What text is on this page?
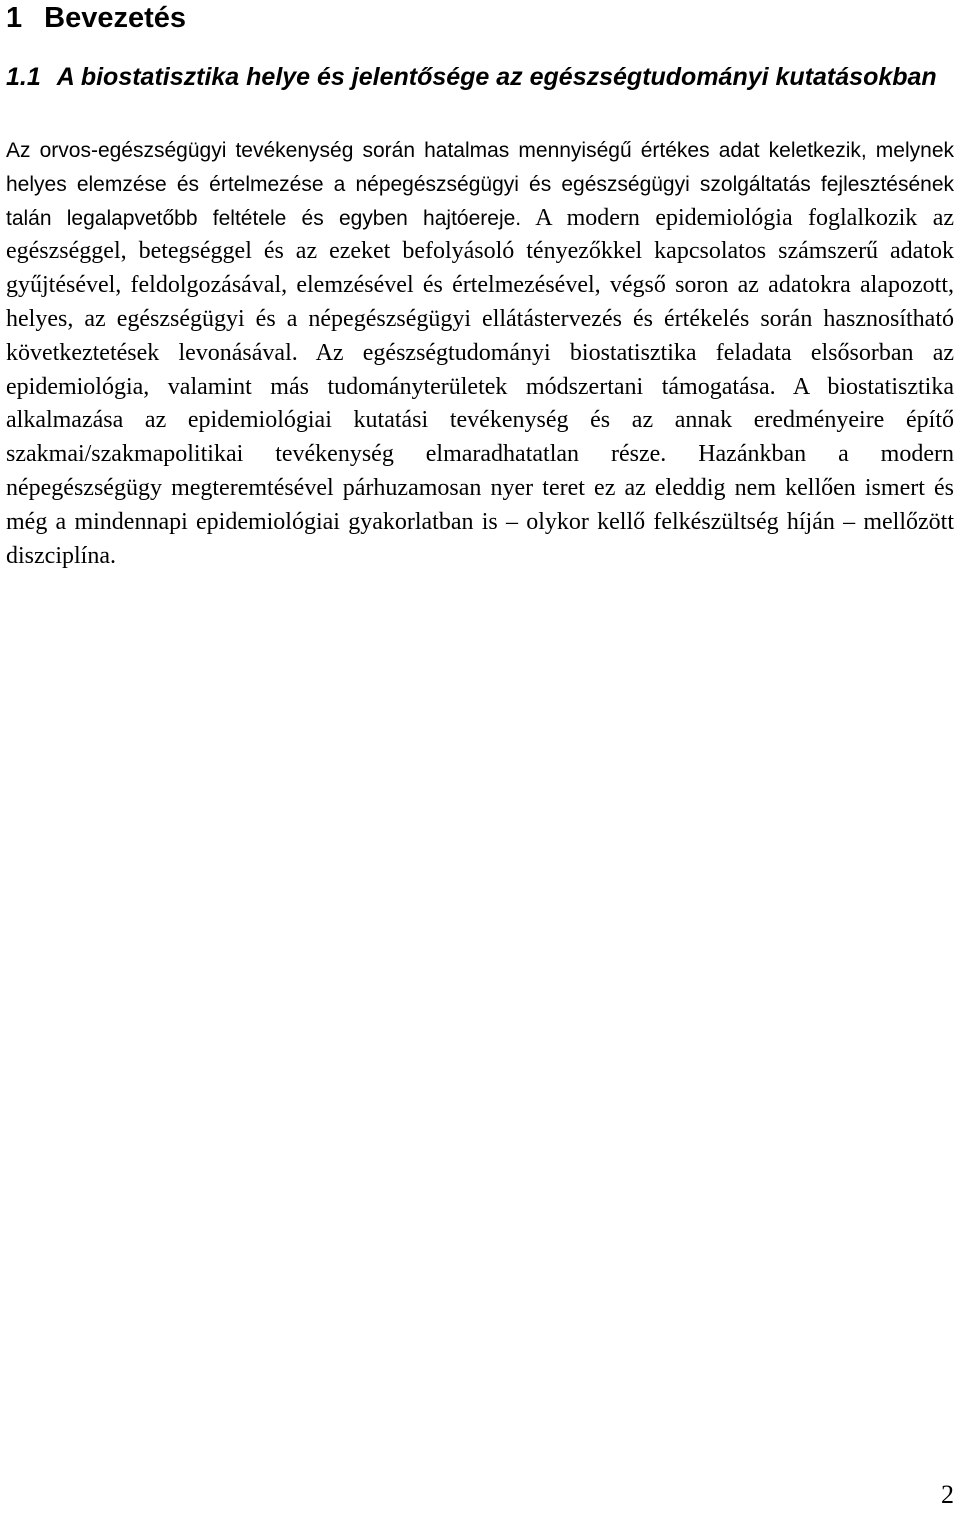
1 Bevezetés
1.1 A biostatisztika helye és jelentősége az egészségtudományi kutatásokban

Az orvos-egészségügyi tevékenység során hatalmas mennyiségű értékes adat keletkezik, melynek helyes elemzése és értelmezése a népegészségügyi és egészségügyi szolgáltatás fejlesztésének talán legalapvetőbb feltétele és egyben hajtóereje. A modern epidemiológia foglalkozik az egészséggel, betegséggel és az ezeket befolyásoló tényezőkkel kapcsolatos számszerű adatok gyűjtésével, feldolgozásával, elemzésével és értelmezésével, végső soron az adatokra alapozott, helyes, az egészségügyi és a népegészségügyi ellátástervezés és értékelés során hasznosítható következtetések levonásával. Az egészségtudományi biostatisztika feladata elsősorban az epidemiológia, valamint más tudományterületek módszertani támogatása. A biostatisztika alkalmazása az epidemiológiai kutatási tevékenység és az annak eredményeire építő szakmai/szakmapolitikai tevékenység elmaradhatatlan része. Hazánkban a modern népegészségügy megteremtésével párhuzamosan nyer teret ez az eleddig nem kellően ismert és még a mindennapi epidemiológiai gyakorlatban is – olykor kellő felkészültség híján – mellőzött diszciplína.

2
